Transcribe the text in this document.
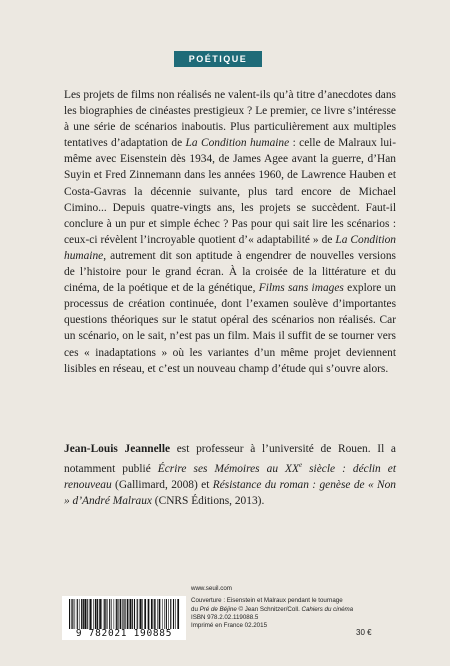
POÉTIQUE

Les projets de films non réalisés ne valent-ils qu’à titre d’anecdotes dans les biographies de cinéastes prestigieux ? Le premier, ce livre s’intéresse à une série de scénarios inaboutis. Plus particulièrement aux multiples tentatives d’adaptation de La Condition humaine : celle de Malraux lui-même avec Eisenstein dès 1934, de James Agee avant la guerre, d’Han Suyin et Fred Zinnemann dans les années 1960, de Lawrence Hauben et Costa-Gavras la décennie suivante, plus tard encore de Michael Cimino... Depuis quatre-vingts ans, les projets se succèdent. Faut-il conclure à un pur et simple échec ? Pas pour qui sait lire les scénarios : ceux-ci révèlent l’incroyable quotient d’« adaptabilité » de La Condition humaine, autrement dit son aptitude à engendrer de nouvelles versions de l’histoire pour le grand écran. À la croisée de la littérature et du cinéma, de la poétique et de la génétique, Films sans images explore un processus de création continuée, dont l’examen soulève d’importantes questions théoriques sur le statut opéral des scénarios non réalisés. Car un scénario, on le sait, n’est pas un film. Mais il suffit de se tourner vers ces « inadaptations » où les variantes d’un même projet deviennent lisibles en réseau, et c’est un nouveau champ d’étude qui s’ouvre alors.

Jean-Louis Jeannelle est professeur à l’université de Rouen. Il a notamment publié Écrire ses Mémoires au XXe siècle : déclin et renouveau (Gallimard, 2008) et Résistance du roman : genèse de « Non » d’André Malraux (CNRS Éditions, 2013).

9 782021 190885
www.seuil.com
Couverture : Eisenstein et Malraux pendant le tournage
du Pré de Béjine © Jean Schnitzer/Coll. Cahiers du cinéma
ISBN 978.2.02.119088.5
Imprimé en France 02.2015
30 €
